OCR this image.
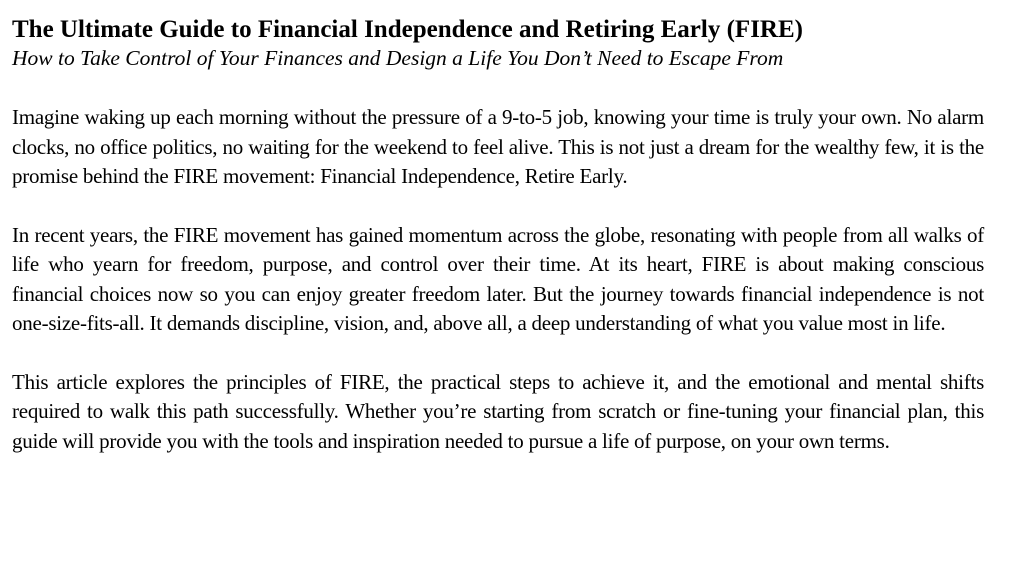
The Ultimate Guide to Financial Independence and Retiring Early (FIRE)
How to Take Control of Your Finances and Design a Life You Don’t Need to Escape From

Imagine waking up each morning without the pressure of a 9-to-5 job, knowing your time is truly your own. No alarm clocks, no office politics, no waiting for the weekend to feel alive. This is not just a dream for the wealthy few, it is the promise behind the FIRE movement: Financial Independence, Retire Early.

In recent years, the FIRE movement has gained momentum across the globe, resonating with people from all walks of life who yearn for freedom, purpose, and control over their time. At its heart, FIRE is about making conscious financial choices now so you can enjoy greater freedom later. But the journey towards financial independence is not one-size-fits-all. It demands discipline, vision, and, above all, a deep understanding of what you value most in life.

This article explores the principles of FIRE, the practical steps to achieve it, and the emotional and mental shifts required to walk this path successfully. Whether you’re starting from scratch or fine-tuning your financial plan, this guide will provide you with the tools and inspiration needed to pursue a life of purpose, on your own terms.
